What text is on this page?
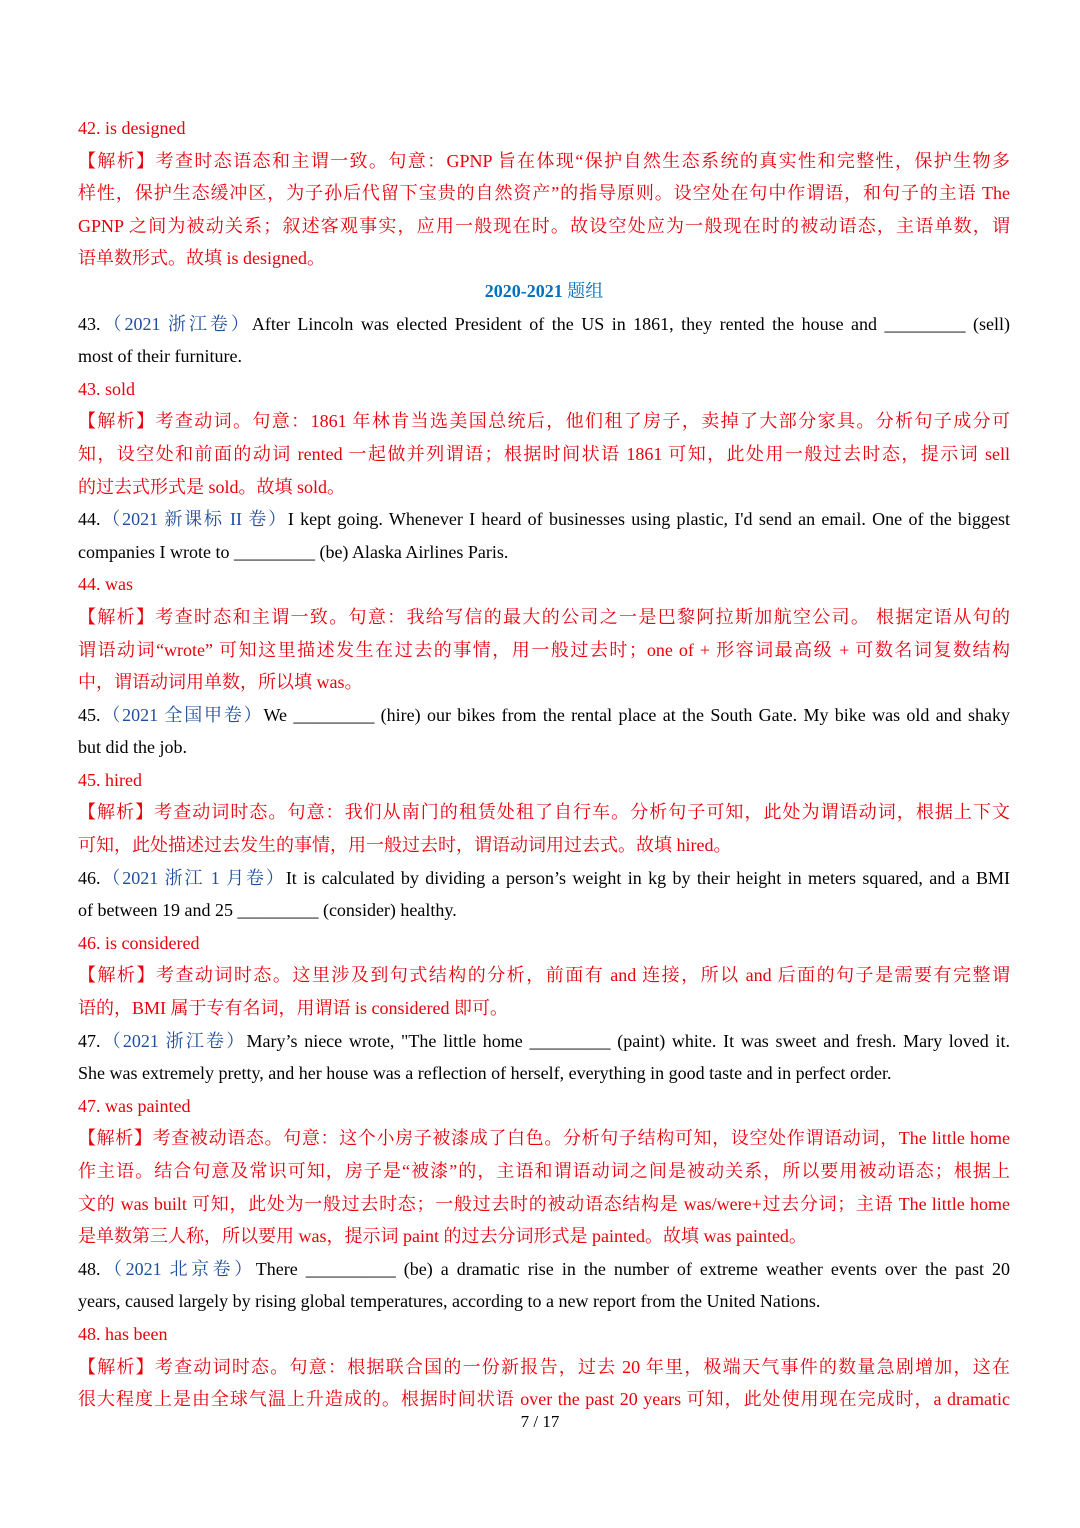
42. is designed
【解析】考查时态语态和主谓一致。句意：GPNP 旨在体现“保护自然生态系统的真实性和完整性，保护生物多
样性，保护生态缓冲区，为子孙后代留下宝贵的自然资产”的指导原则。设空处在句中作谓语，和句子的主语 The
GPNP 之间为被动关系；叙述客观事实，应用一般现在时。故设空处应为一般现在时的被动语态，主语单数，谓
语单数形式。故填 is designed。
2020-2021 题组
43.（2021 浙江卷）After Lincoln was elected President of the US in 1861, they rented the house and _________ (sell)
most of their furniture.
43. sold
【解析】考查动词。句意：1861 年林肯当选美国总统后，他们租了房子，卖掉了大部分家具。分析句子成分可
知，设空处和前面的动词 rented 一起做并列谓语；根据时间状语 1861 可知，此处用一般过去时态，提示词 sell
的过去式形式是 sold。故填 sold。
44.（2021 新课标 II 卷）I kept going. Whenever I heard of businesses using plastic, I'd send an email. One of the biggest
companies I wrote to _________ (be) Alaska Airlines Paris.
44. was
【解析】考查时态和主谓一致。句意：我给写信的最大的公司之一是巴黎阿拉斯加航空公司。 根据定语从句的
谓语动词“wrote” 可知这里描述发生在过去的事情，用一般过去时；one of + 形容词最高级 + 可数名词复数结构
中，谓语动词用单数，所以填 was。
45.（2021 全国甲卷）We _________ (hire) our bikes from the rental place at the South Gate. My bike was old and shaky
but did the job.
45. hired
【解析】考查动词时态。句意：我们从南门的租赁处租了自行车。分析句子可知，此处为谓语动词，根据上下文
可知，此处描述过去发生的事情，用一般过去时，谓语动词用过去式。故填 hired。
46.（2021 浙江 1 月卷）It is calculated by dividing a person’s weight in kg by their height in meters squared, and a BMI
of between 19 and 25 _________ (consider) healthy.
46. is considered
【解析】考查动词时态。这里涉及到句式结构的分析，前面有 and 连接，所以 and 后面的句子是需要有完整谓
语的，BMI 属于专有名词，用谓语 is considered 即可。
47.（2021 浙江卷）Mary’s niece wrote, "The little home _________ (paint) white. It was sweet and fresh. Mary loved it.
She was extremely pretty, and her house was a reflection of herself, everything in good taste and in perfect order.
47. was painted
【解析】考查被动语态。句意：这个小房子被漆成了白色。分析句子结构可知，设空处作谓语动词，The little home
作主语。结合句意及常识可知，房子是“被漆”的，主语和谓语动词之间是被动关系，所以要用被动语态；根据上
文的 was built 可知，此处为一般过去时态；一般过去时的被动语态结构是 was/were+过去分词；主语 The little home
是单数第三人称，所以要用 was，提示词 paint 的过去分词形式是 painted。故填 was painted。
48.（2021 北京卷）There __________ (be) a dramatic rise in the number of extreme weather events over the past 20
years, caused largely by rising global temperatures, according to a new report from the United Nations.
48. has been
【解析】考查动词时态。句意：根据联合国的一份新报告，过去 20 年里，极端天气事件的数量急剧增加，这在
很大程度上是由全球气温上升造成的。根据时间状语 over the past 20 years 可知，此处使用现在完成时，a dramatic
7 / 17
